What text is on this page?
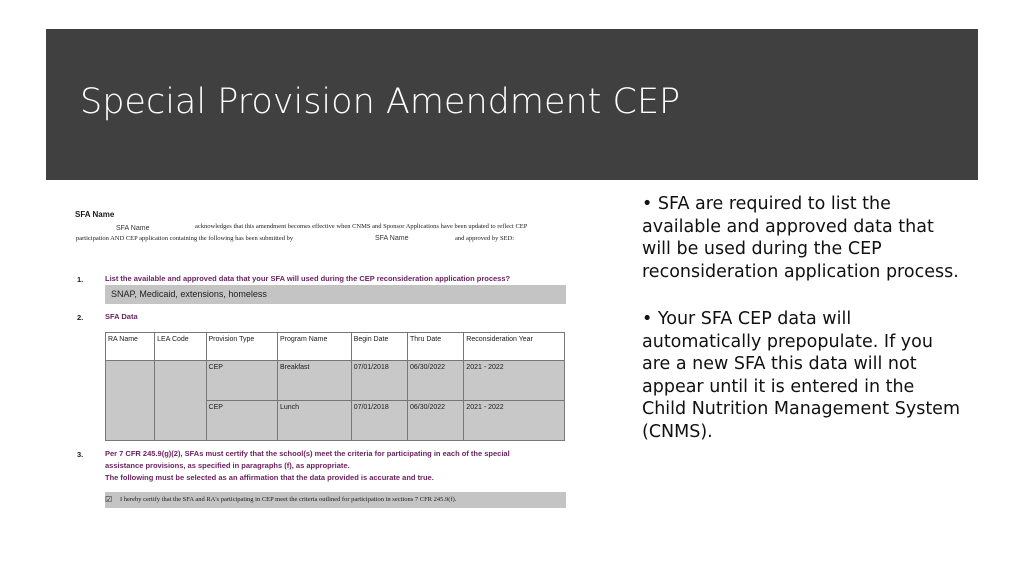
Special Provision Amendment CEP
SFA Name
SFA Name	acknowledges that this amendment becomes effective when CNMS and Sponsor Applications have been updated to reflect CEP
participation AND CEP application containing the following has been submitted by	SFA Name	and approved by SED:
1.	List the available and approved data that your SFA will used during the CEP reconsideration application process?
SNAP, Medicaid, extensions, homeless
2.	SFA Data
RA Name	LEA Code	Provision Type	Program Name	Begin Date	Thru Date	Reconsideration Year
		CEP	Breakfast	07/01/2018	06/30/2022	2021 - 2022
		CEP	Lunch	07/01/2018	06/30/2022	2021 - 2022
3.	Per 7 CFR 245.9(g)(2), SFAs must certify that the school(s) meet the criteria for participating in each of the special
assistance provisions, as specified in paragraphs (f), as appropriate.
The following must be selected as an affirmation that the data provided is accurate and true.
☑ I hereby certify that the SFA and RA's participating in CEP meet the criteria outlined for participation in sections 7 CFR 245.9(f).
• SFA are required to list the available and approved data that will be used during the CEP reconsideration application process.
• Your SFA CEP data will automatically prepopulate. If you are a new SFA this data will not appear until it is entered in the Child Nutrition Management System (CNMS).
